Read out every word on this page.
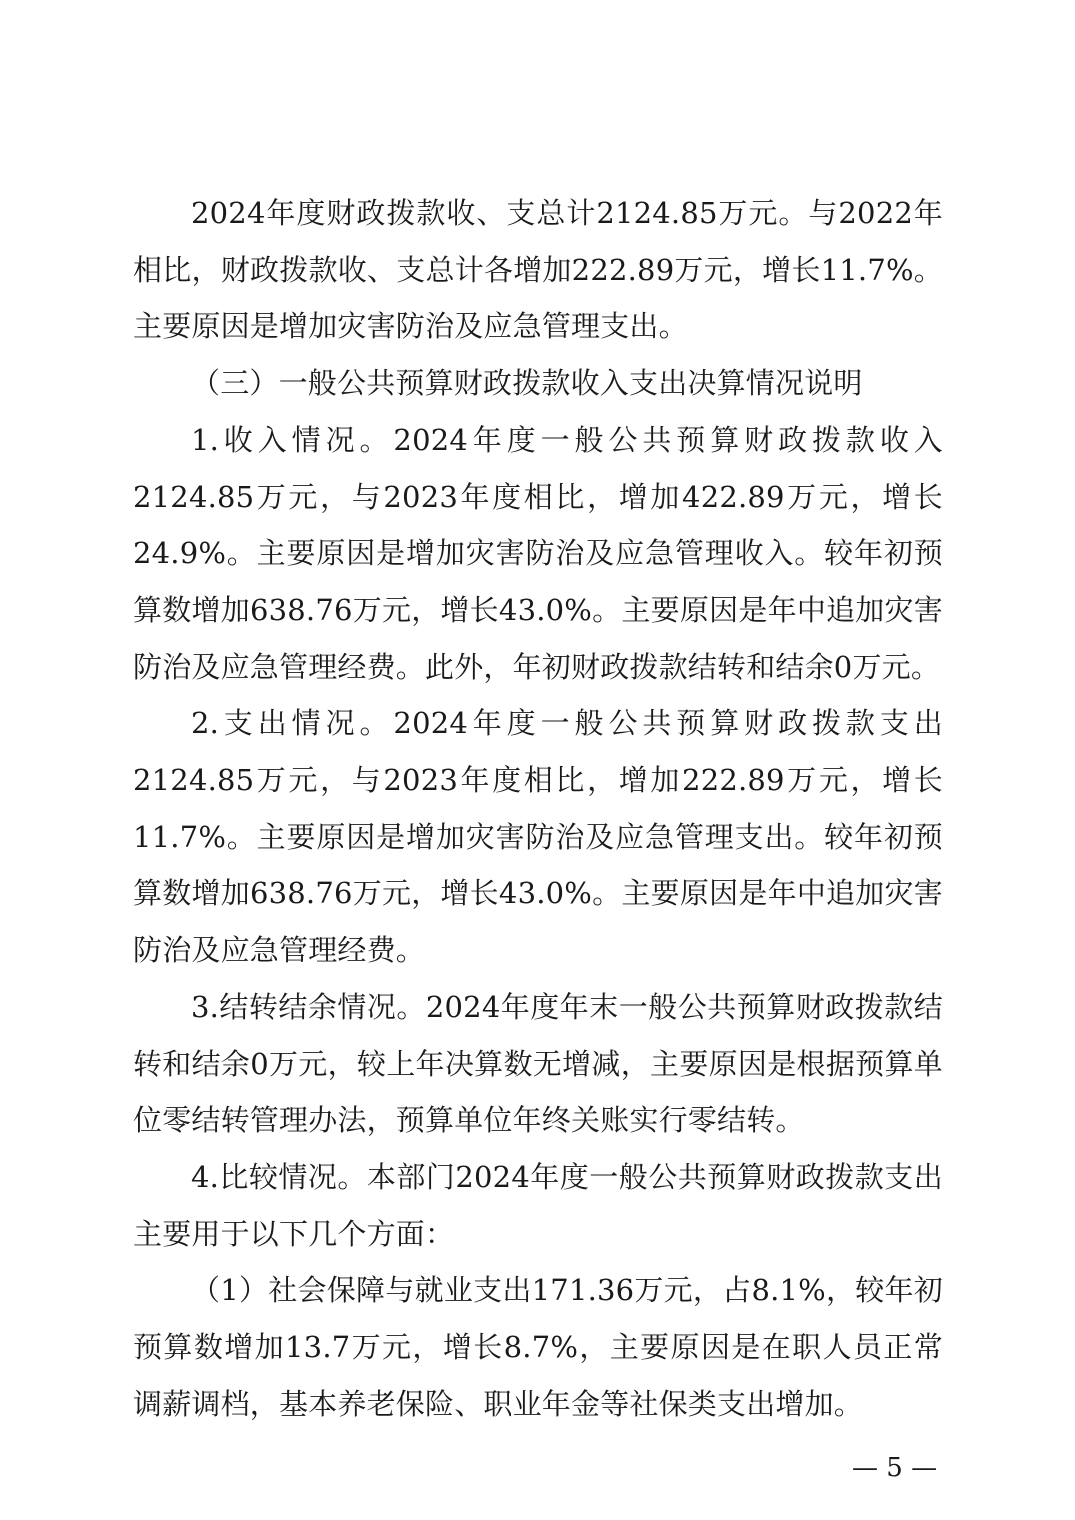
2024年度财政拨款收、支总计2124.85万元。与2022年相比，财政拨款收、支总计各增加222.89万元，增长11.7%。主要原因是增加灾害防治及应急管理支出。

（三）一般公共预算财政拨款收入支出决算情况说明

1.收入情况。2024年度一般公共预算财政拨款收入2124.85万元，与2023年度相比，增加422.89万元，增长24.9%。主要原因是增加灾害防治及应急管理收入。较年初预算数增加638.76万元，增长43.0%。主要原因是年中追加灾害防治及应急管理经费。此外，年初财政拨款结转和结余0万元。

2.支出情况。2024年度一般公共预算财政拨款支出2124.85万元，与2023年度相比，增加222.89万元，增长11.7%。主要原因是增加灾害防治及应急管理支出。较年初预算数增加638.76万元，增长43.0%。主要原因是年中追加灾害防治及应急管理经费。

3.结转结余情况。2024年度年末一般公共预算财政拨款结转和结余0万元，较上年决算数无增减，主要原因是根据预算单位零结转管理办法，预算单位年终关账实行零结转。

4.比较情况。本部门2024年度一般公共预算财政拨款支出主要用于以下几个方面：

（1）社会保障与就业支出171.36万元，占8.1%，较年初预算数增加13.7万元，增长8.7%，主要原因是在职人员正常调薪调档，基本养老保险、职业年金等社保类支出增加。

— 5 —
